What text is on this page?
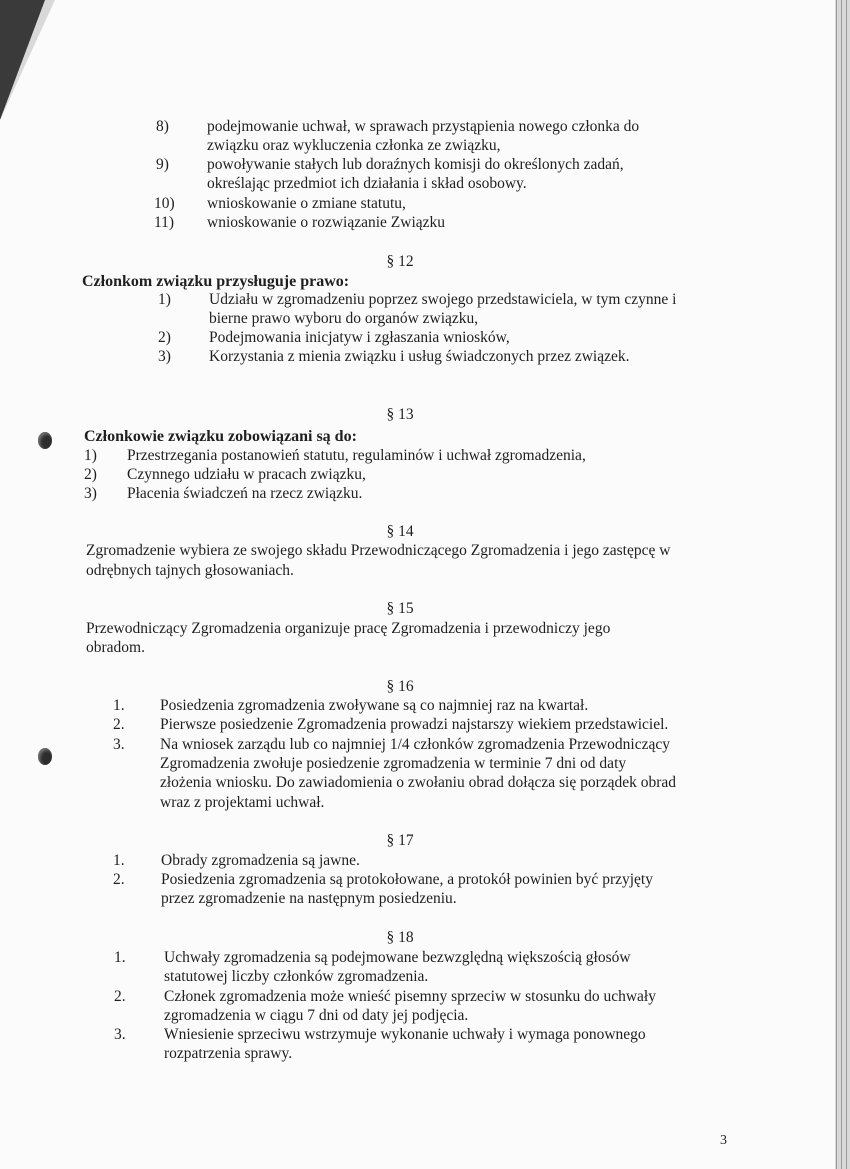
8) podejmowanie uchwał, w sprawach przystąpienia nowego członka do
związku oraz wykluczenia członka ze związku,
9) powoływanie stałych lub doraźnych komisji do określonych zadań,
określając przedmiot ich działania i skład osobowy.
10) wnioskowanie o zmiane statutu,
11) wnioskowanie o rozwiązanie Związku
§ 12
Członkom związku przysługuje prawo:
1) Udziału w zgromadzeniu poprzez swojego przedstawiciela, w tym czynne i
bierne prawo wyboru do organów związku,
2) Podejmowania inicjatyw i zgłaszania wniosków,
3) Korzystania z mienia związku i usług świadczonych przez związek.
§ 13
Członkowie związku zobowiązani są do:
1) Przestrzegania postanowień statutu, regulaminów i uchwał zgromadzenia,
2) Czynnego udziału w pracach związku,
3) Płacenia świadczeń na rzecz związku.
§ 14
Zgromadzenie wybiera ze swojego składu Przewodniczącego Zgromadzenia i jego zastępcę w
odrębnych tajnych głosowaniach.
§ 15
Przewodniczący Zgromadzenia organizuje pracę Zgromadzenia i przewodniczy jego
obradom.
§ 16
1. Posiedzenia zgromadzenia zwoływane są co najmniej raz na kwartał.
2. Pierwsze posiedzenie Zgromadzenia prowadzi najstarszy wiekiem przedstawiciel.
3. Na wniosek zarządu lub co najmniej 1/4 członków zgromadzenia Przewodniczący
Zgromadzenia zwołuje posiedzenie zgromadzenia w terminie 7 dni od daty
złożenia wniosku. Do zawiadomienia o zwołaniu obrad dołącza się porządek obrad
wraz z projektami uchwał.
§ 17
1. Obrady zgromadzenia są jawne.
2. Posiedzenia zgromadzenia są protokołowane, a protokół powinien być przyjęty
przez zgromadzenie na następnym posiedzeniu.
§ 18
1. Uchwały zgromadzenia są podejmowane bezwzględną większością głosów
statutowej liczby członków zgromadzenia.
2. Członek zgromadzenia może wnieść pisemny sprzeciw w stosunku do uchwały
zgromadzenia w ciągu 7 dni od daty jej podjęcia.
3. Wniesienie sprzeciwu wstrzymuje wykonanie uchwały i wymaga ponownego
rozpatrzenia sprawy.
3
